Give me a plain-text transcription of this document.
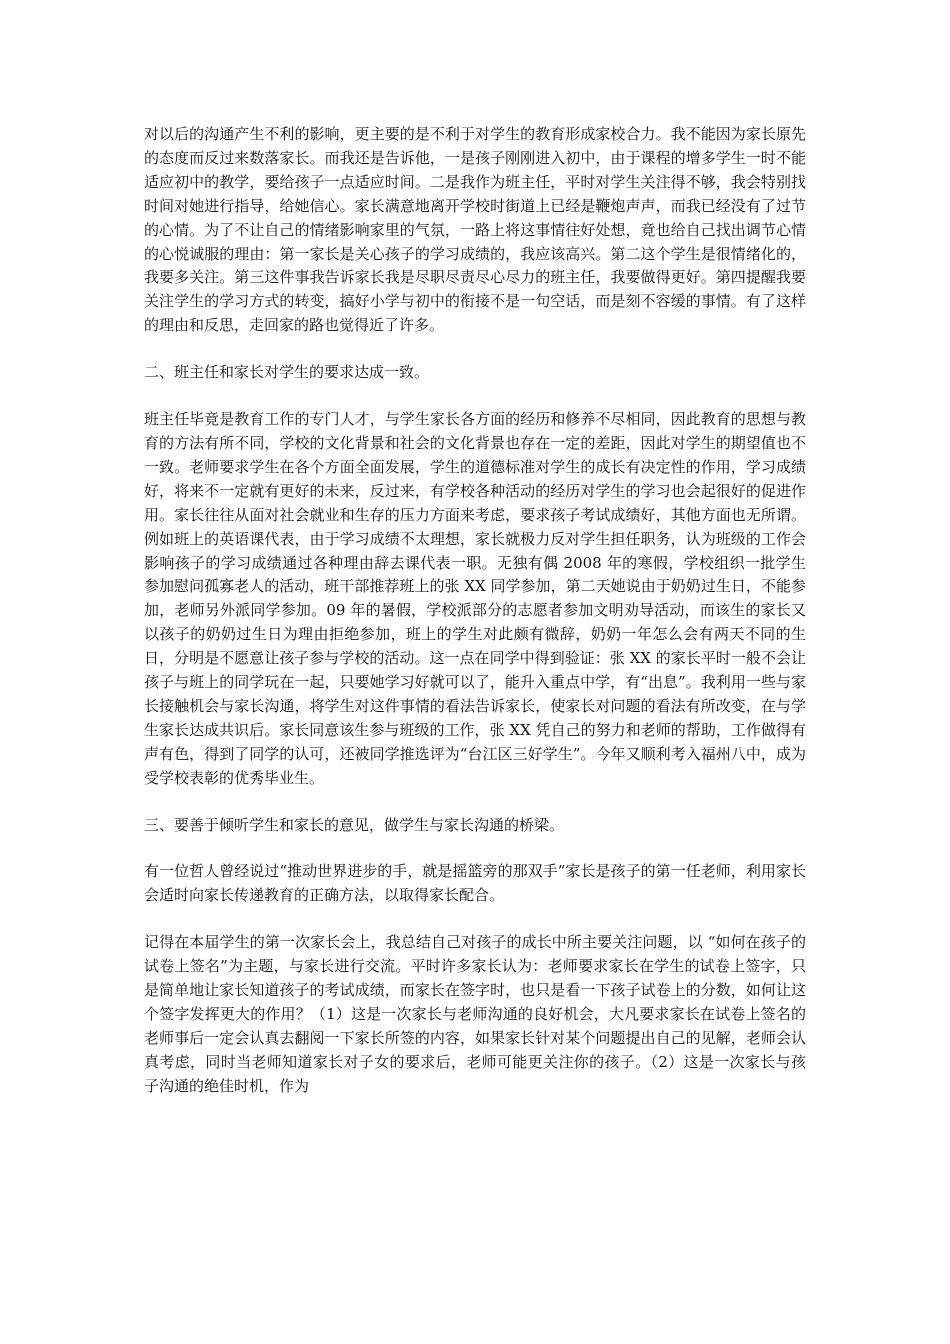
对以后的沟通产生不利的影响，更主要的是不利于对学生的教育形成家校合力。我不能因为家长原先的态度而反过来数落家长。而我还是告诉他，一是孩子刚刚进入初中，由于课程的增多学生一时不能适应初中的教学，要给孩子一点适应时间。二是我作为班主任，平时对学生关注得不够，我会特别找时间对她进行指导，给她信心。家长满意地离开学校时街道上已经是鞭炮声声，而我已经没有了过节的心情。为了不让自己的情绪影响家里的气氛，一路上将这事情往好处想，竟也给自己找出调节心情的心悦诚服的理由：第一家长是关心孩子的学习成绩的，我应该高兴。第二这个学生是很情绪化的，我要多关注。第三这件事我告诉家长我是尽职尽责尽心尽力的班主任，我要做得更好。第四提醒我要关注学生的学习方式的转变，搞好小学与初中的衔接不是一句空话，而是刻不容缓的事情。有了这样的理由和反思，走回家的路也觉得近了许多。

二、班主任和家长对学生的要求达成一致。

班主任毕竟是教育工作的专门人才，与学生家长各方面的经历和修养不尽相同，因此教育的思想与教育的方法有所不同，学校的文化背景和社会的文化背景也存在一定的差距，因此对学生的期望值也不一致。老师要求学生在各个方面全面发展，学生的道德标准对学生的成长有决定性的作用，学习成绩好，将来不一定就有更好的未来，反过来，有学校各种活动的经历对学生的学习也会起很好的促进作用。家长往往从面对社会就业和生存的压力方面来考虑，要求孩子考试成绩好，其他方面也无所谓。例如班上的英语课代表，由于学习成绩不太理想，家长就极力反对学生担任职务，认为班级的工作会影响孩子的学习成绩通过各种理由辞去课代表一职。无独有偶 2008 年的寒假，学校组织一批学生参加慰问孤寡老人的活动，班干部推荐班上的张 XX 同学参加，第二天她说由于奶奶过生日，不能参加，老师另外派同学参加。09 年的暑假，学校派部分的志愿者参加文明劝导活动，而该生的家长又以孩子的奶奶过生日为理由拒绝参加，班上的学生对此颇有微辞，奶奶一年怎么会有两天不同的生日，分明是不愿意让孩子参与学校的活动。这一点在同学中得到验证：张 XX 的家长平时一般不会让孩子与班上的同学玩在一起，只要她学习好就可以了，能升入重点中学，有“出息”。我利用一些与家长接触机会与家长沟通，将学生对这件事情的看法告诉家长，使家长对问题的看法有所改变，在与学生家长达成共识后。家长同意该生参与班级的工作，张 XX 凭自己的努力和老师的帮助，工作做得有声有色，得到了同学的认可，还被同学推选评为“台江区三好学生”。今年又顺利考入福州八中，成为受学校表彰的优秀毕业生。

三、要善于倾听学生和家长的意见，做学生与家长沟通的桥梁。

有一位哲人曾经说过“推动世界进步的手，就是摇篮旁的那双手”家长是孩子的第一任老师，利用家长会适时向家长传递教育的正确方法，以取得家长配合。

记得在本届学生的第一次家长会上，我总结自己对孩子的成长中所主要关注问题，以 “如何在孩子的试卷上签名”为主题，与家长进行交流。平时许多家长认为：老师要求家长在学生的试卷上签字，只是简单地让家长知道孩子的考试成绩，而家长在签字时，也只是看一下孩子试卷上的分数，如何让这个签字发挥更大的作用？（1）这是一次家长与老师沟通的良好机会，大凡要求家长在试卷上签名的老师事后一定会认真去翻阅一下家长所签的内容，如果家长针对某个问题提出自己的见解，老师会认真考虑，同时当老师知道家长对子女的要求后，老师可能更关注你的孩子。（2）这是一次家长与孩子沟通的绝佳时机，作为
